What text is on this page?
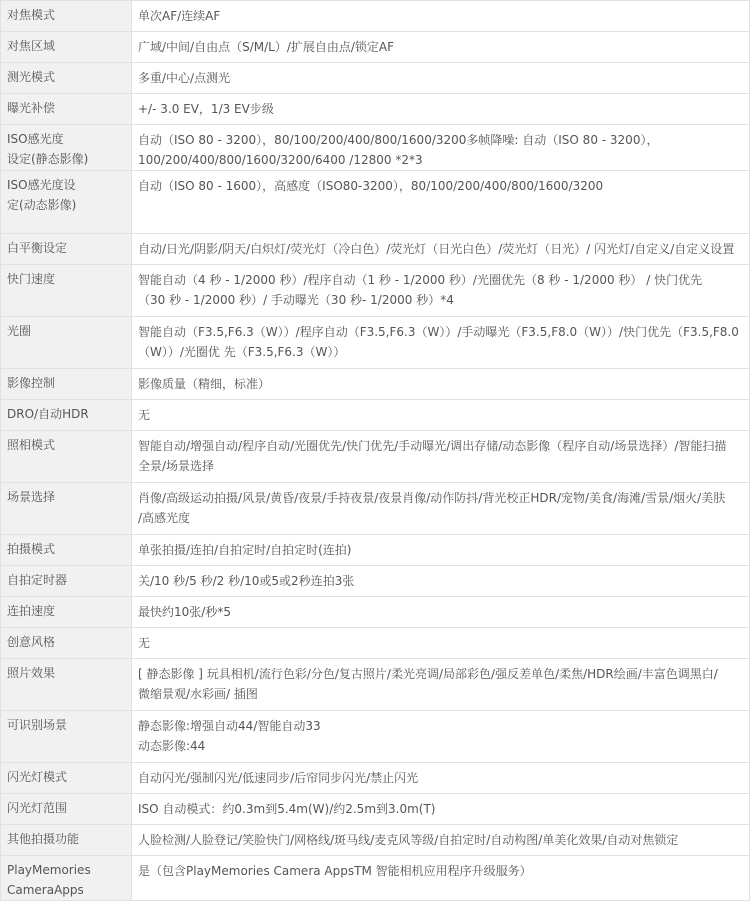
对焦模式	单次AF/连续AF

对焦区域	广域/中间/自由点（S/M/L）/扩展自由点/锁定AF

测光模式	多重/中心/点测光

曝光补偿	+/- 3.0 EV，1/3 EV步级

ISO感光度
设定(静态影像)	自动（ISO 80 - 3200），80/100/200/400/800/1600/3200多帧降噪: 自动（ISO 80 - 3200），
100/200/400/800/1600/3200/6400 /12800 *2*3

ISO感光度设
定(动态影像)	自动（ISO 80 - 1600），高感度（ISO80-3200），80/100/200/400/800/1600/3200

白平衡设定	自动/日光/阴影/阴天/白炽灯/荧光灯（冷白色）/荧光灯（日光白色）/荧光灯（日光）/ 闪光灯/自定义/自定义设置

快门速度	智能自动（4 秒 - 1/2000 秒）/程序自动（1 秒 - 1/2000 秒）/光圈优先（8 秒 - 1/2000 秒） / 快门优先
（30 秒 - 1/2000 秒）/ 手动曝光（30 秒- 1/2000 秒）*4

光圈	智能自动（F3.5,F6.3（W））/程序自动（F3.5,F6.3（W））/手动曝光（F3.5,F8.0（W））/快门优先（F3.5,F8.0
（W））/光圈优 先（F3.5,F6.3（W））

影像控制	影像质量（精细，标准）

DRO/自动HDR	无

照相模式	智能自动/增强自动/程序自动/光圈优先/快门优先/手动曝光/调出存储/动态影像（程序自动/场景选择）/智能扫描
全景/场景选择

场景选择	肖像/高级运动拍摄/风景/黄昏/夜景/手持夜景/夜景肖像/动作防抖/背光校正HDR/宠物/美食/海滩/雪景/烟火/美肤
/高感光度

拍摄模式	单张拍摄/连拍/自拍定时/自拍定时(连拍)

自拍定时器	关/10 秒/5 秒/2 秒/10或5或2秒连拍3张

连拍速度	最快约10张/秒*5

创意风格	无

照片效果	[ 静态影像 ] 玩具相机/流行色彩/分色/复古照片/柔光亮调/局部彩色/强反差单色/柔焦/HDR绘画/丰富色调黑白/
微缩景观/水彩画/ 插图

可识别场景	静态影像:增强自动44/智能自动33
动态影像:44

闪光灯模式	自动闪光/强制闪光/低速同步/后帘同步闪光/禁止闪光

闪光灯范围	ISO 自动模式：约0.3m到5.4m(W)/约2.5m到3.0m(T)

其他拍摄功能	人脸检测/人脸登记/笑脸快门/网格线/斑马线/麦克风等级/自拍定时/自动构图/单美化效果/自动对焦锁定

PlayMemories
CameraApps	是（包含PlayMemories Camera AppsTM 智能相机应用程序升级服务）
